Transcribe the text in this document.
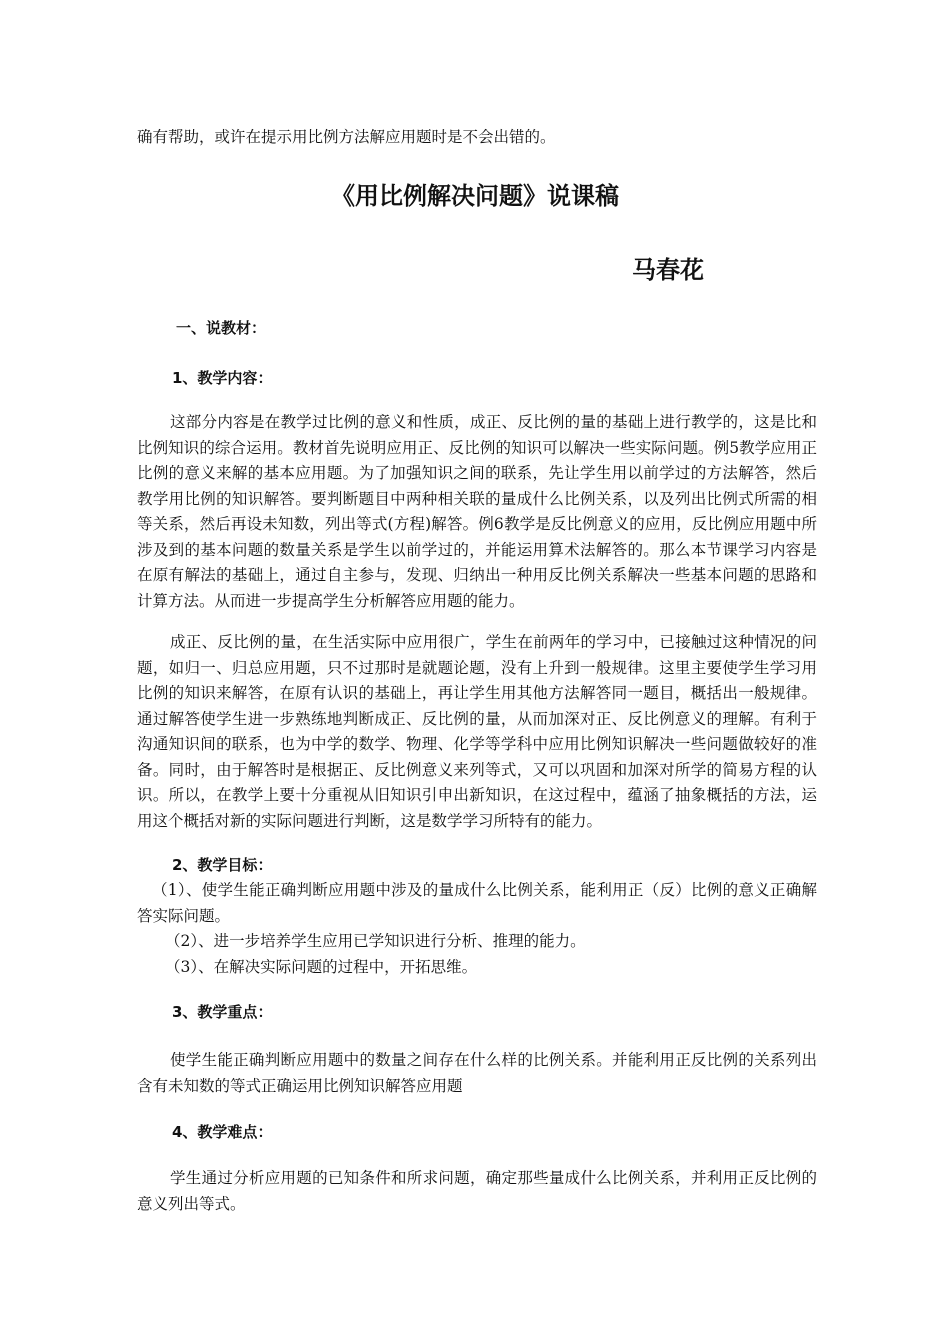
确有帮助，或许在提示用比例方法解应用题时是不会出错的。

《用比例解决问题》说课稿
马春花
一、说教材：
1、教学内容：

这部分内容是在教学过比例的意义和性质，成正、反比例的量的基础上进行教学的，这是比和比例知识的综合运用。教材首先说明应用正、反比例的知识可以解决一些实际问题。例5教学应用正比例的意义来解的基本应用题。为了加强知识之间的联系，先让学生用以前学过的方法解答，然后教学用比例的知识解答。要判断题目中两种相关联的量成什么比例关系，以及列出比例式所需的相等关系，然后再设未知数，列出等式(方程)解答。例6教学是反比例意义的应用，反比例应用题中所涉及到的基本问题的数量关系是学生以前学过的，并能运用算术法解答的。那么本节课学习内容是在原有解法的基础上，通过自主参与，发现、归纳出一种用反比例关系解决一些基本问题的思路和计算方法。从而进一步提高学生分析解答应用题的能力。

成正、反比例的量，在生活实际中应用很广，学生在前两年的学习中，已接触过这种情况的问题，如归一、归总应用题，只不过那时是就题论题，没有上升到一般规律。这里主要使学生学习用比例的知识来解答，在原有认识的基础上，再让学生用其他方法解答同一题目，概括出一般规律。通过解答使学生进一步熟练地判断成正、反比例的量，从而加深对正、反比例意义的理解。有利于沟通知识间的联系，也为中学的数学、物理、化学等学科中应用比例知识解决一些问题做较好的准备。同时，由于解答时是根据正、反比例意义来列等式，又可以巩固和加深对所学的简易方程的认识。所以，在教学上要十分重视从旧知识引申出新知识，在这过程中，蕴涵了抽象概括的方法，运用这个概括对新的实际问题进行判断，这是数学学习所特有的能力。

2、教学目标：

（1）、使学生能正确判断应用题中涉及的量成什么比例关系，能利用正（反）比例的意义正确解答实际问题。

（2）、进一步培养学生应用已学知识进行分析、推理的能力。
（3）、在解决实际问题的过程中，开拓思维。
3、教学重点：

使学生能正确判断应用题中的数量之间存在什么样的比例关系。并能利用正反比例的关系列出含有未知数的等式正确运用比例知识解答应用题

4、教学难点：

学生通过分析应用题的已知条件和所求问题，确定那些量成什么比例关系，并利用正反比例的意义列出等式。
